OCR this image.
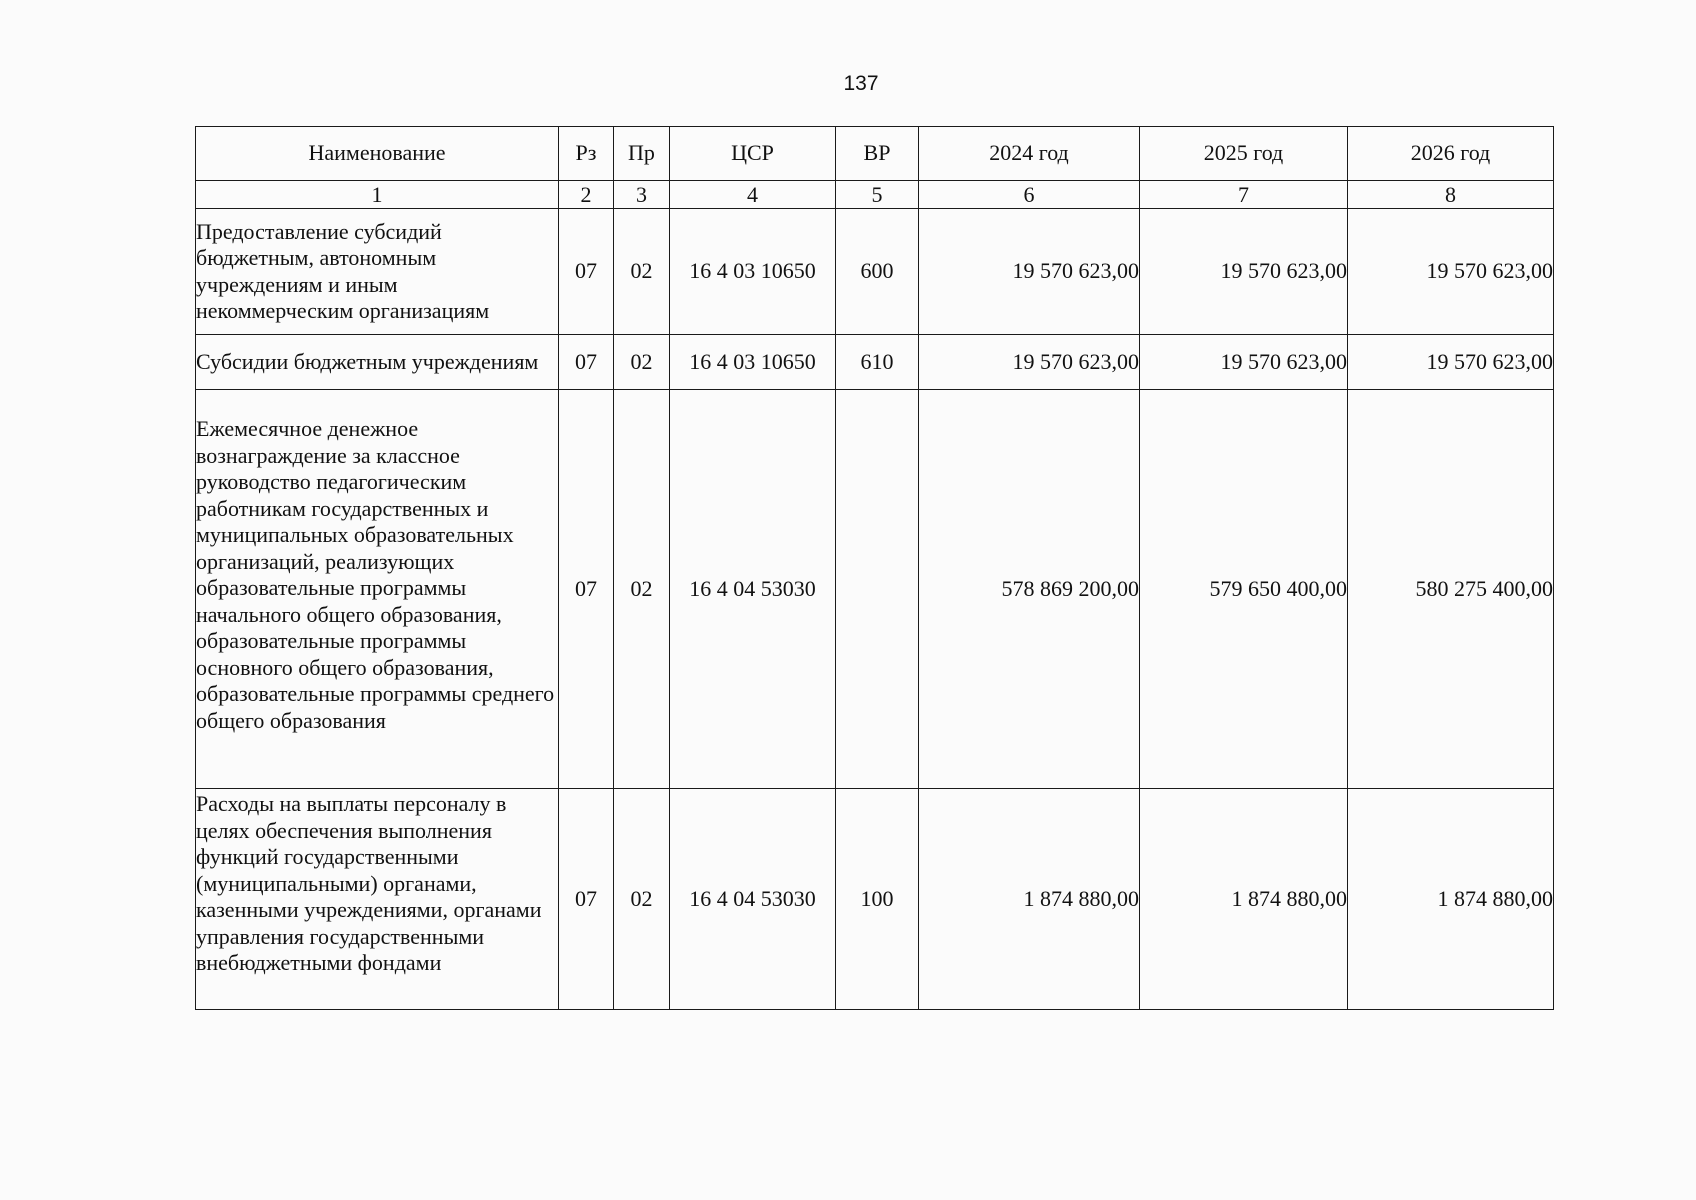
137
Наименование	Рз	Пр	ЦСР	ВР	2024 год	2025 год	2026 год
1	2	3	4	5	6	7	8
Предоставление субсидий бюджетным, автономным учреждениям и иным некоммерческим организациям	07	02	16 4 03 10650	600	19 570 623,00	19 570 623,00	19 570 623,00
Субсидии бюджетным учреждениям	07	02	16 4 03 10650	610	19 570 623,00	19 570 623,00	19 570 623,00
Ежемесячное денежное вознаграждение за классное руководство педагогическим работникам государственных и муниципальных образовательных организаций, реализующих образовательные программы начального общего образования, образовательные программы основного общего образования, образовательные программы среднего общего образования	07	02	16 4 04 53030		578 869 200,00	579 650 400,00	580 275 400,00
Расходы на выплаты персоналу в целях обеспечения выполнения функций государственными (муниципальными) органами, казенными учреждениями, органами управления государственными внебюджетными фондами	07	02	16 4 04 53030	100	1 874 880,00	1 874 880,00	1 874 880,00
